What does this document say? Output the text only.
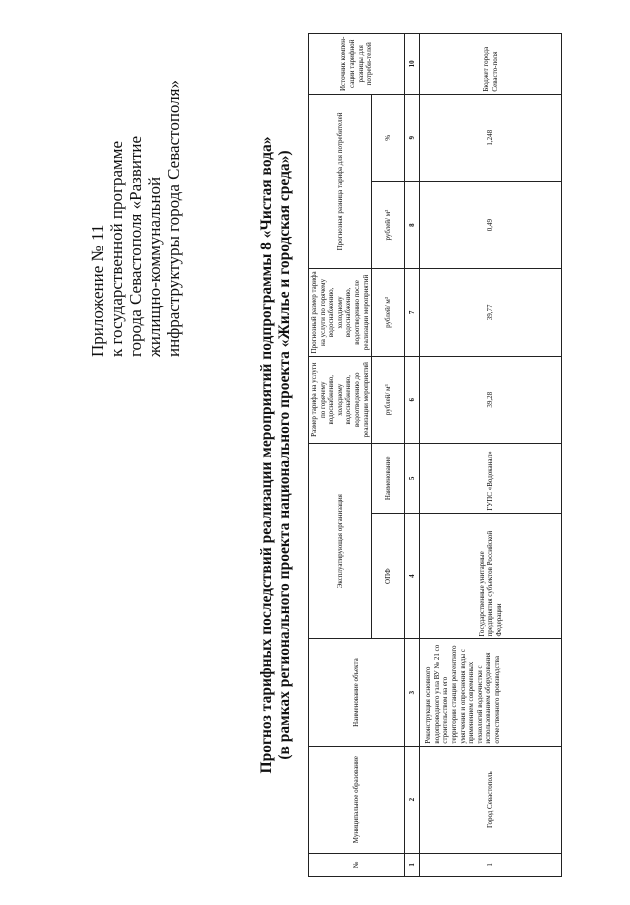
Приложение № 11 к государственной программе города Севастополя «Развитие жилищно-коммунальной инфраструктуры города Севастополя»	Прогноз тарифных последствий реализации мероприятий подпрограммы 8 «Чистая вода» (в рамках регионального проекта национального проекта «Жилье и городская среда»)
№	Муниципальное образование	Наименование объекта	Эксплуатирующая организация		Размер тарифа на услуги по горячему водоснабжению, холодному водоснабжению, водоотведению до реализации мероприятий	Прогнозный размер тарифа на услуги по горячему водоснабжению, холодному водоснабжению, водоотведению после реализации мероприятий	Прогнозная разница тарифа для потребителей		Источник компен-сации тарифной разницы для потреби-телей
			ОПФ	Наименование	рублей/ м³	рублей/ м³	рублей/ м³	%	
1	2	3	4	5	6	7	8	9	10
1	Город Севастополь	Реконструкция основного водопроводного узла ВУ № 21 со строительством на его территории станции реагентного умягчения и опреснения воды с применением современных технологий водоочистки с использованием оборудования отечественного производства	Государственные унитарные предприятия субъектов Российской Федерации	ГУПС «Водоканал»	39,28	39,77	0,49	1,248	Бюджет города Севасто-поля
